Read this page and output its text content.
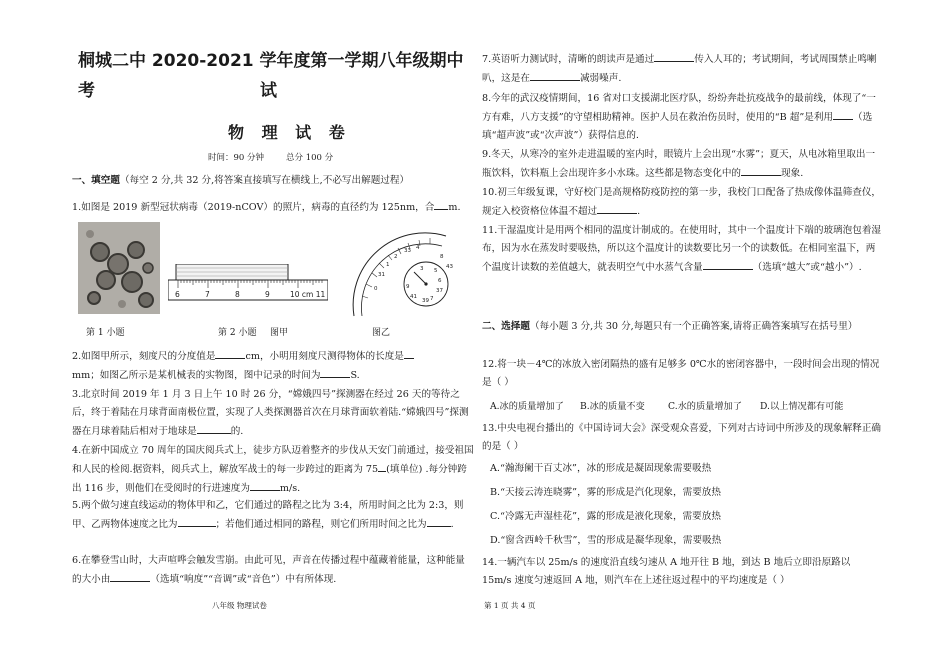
桐城二中 2020-2021 学年度第一学期八年级期中考	试
物 理 试 卷
时间：90 分钟	总分 100 分
一、填空题（每空 2 分,共 32 分,将答案直接填写在横线上,不必写出解题过程）
1.如图是 2019 新型冠状病毒（2019-nCOV）的照片，病毒的直径约为 125nm，合 m.
6	7	8	9	10 cm 11
0
31
1
2
33 4
3 5
6
37
7
39
8
41
9
43
第 1 小题	第 2 小题 图甲	图乙
2.如图甲所示，刻度尺的分度值是	cm，小明用刻度尺测得物体的长度是
mm；如图乙所示是某机械表的实物图，图中记录的时间为	S.
3.北京时间 2019 年 1 月 3 日上午 10 时 26 分，“嫦娥四号”探测器在经过 26 天的等待之后，终于着陆在月球背面南极位置，实现了人类探测器首次在月球背面软着陆.“嫦娥四号”探测器在月球着陆后相对于地球是	的.
4.在新中国成立 70 周年的国庆阅兵式上，徒步方队迈着整齐的步伐从天安门前通过，接受祖国和人民的检阅.据资料，阅兵式上，解放军战士的每一步跨过的距离为 75 (填单位) .每分钟跨出 116 步，则他们在受阅时的行进速度为	m/s.
5.两个做匀速直线运动的物体甲和乙，它们通过的路程之比为 3:4，所用时间之比为 2:3，则甲、乙两物体速度之比为	；若他们通过相同的路程，则它们所用时间之比为	.
6.在攀登雪山时，大声喧哗会触发雪崩。由此可见，声音在传播过程中蕴藏着能量，这种能量的大小由	（选填“响度”“音调”或“音色”）中有所体现.
八年级 物理试卷
7.英语听力测试时，清晰的朗读声是通过	传入人耳的；考试期间，考试周围禁止鸣喇叭，这是在	减弱噪声.
8.今年的武汉疫情期间，16 省对口支援湖北医疗队，纷纷奔赴抗疫战争的最前线，体现了“一方有难，八方支援”的守望相助精神。医护人员在救治伤员时，使用的“B 超”是利用 （选填“超声波”或“次声波”）获得信息的.
9.冬天，从寒冷的室外走进温暖的室内时，眼镜片上会出现“水雾”；夏天，从电冰箱里取出一瓶饮料，饮料瓶上会出现许多小水珠。这些都是物态变化中的	现象.
10.初三年级复课，守好校门是高规格防疫防控的第一步，我校门口配备了热成像体温筛查仪，规定入校资格位体温不超过	.
11.干湿温度计是用两个相同的温度计制成的。在使用时，其中一个温度计下端的玻璃泡包着湿布，因为水在蒸发时要吸热，所以这个温度计的读数要比另一个的读数低。在相同室温下，两个温度计读数的差值越大，就表明空气中水蒸气含量	（选填“越大”或“越小”）.
二、选择题（每小题 3 分,共 30 分,每题只有一个正确答案,请将正确答案填写在括号里）
12.将一块－4℃的冰放入密闭隔热的盛有足够多 0℃水的密闭容器中，一段时间会出现的情况是（ ）
A.冰的质量增加了 B.冰的质量不变	C.水的质量增加了 D.以上情况都有可能
13.中央电视台播出的《中国诗词大会》深受观众喜爱，下列对古诗词中所涉及的现象解释正确的是（ ）
A.“瀚海阑干百丈冰”，冰的形成是凝固现象需要吸热
B.“天接云涛连晓雾”，雾的形成是汽化现象，需要放热
C.“冷露无声湿桂花”，露的形成是液化现象，需要放热
D.“窗含西岭千秋雪”，雪的形成是凝华现象，需要吸热
14.一辆汽车以 25m/s 的速度沿直线匀速从 A 地开往 B 地，到达 B 地后立即沿原路以 15m/s 速度匀速返回 A 地，则汽车在上述往返过程中的平均速度是（ ）
第 1 页 共 4 页
